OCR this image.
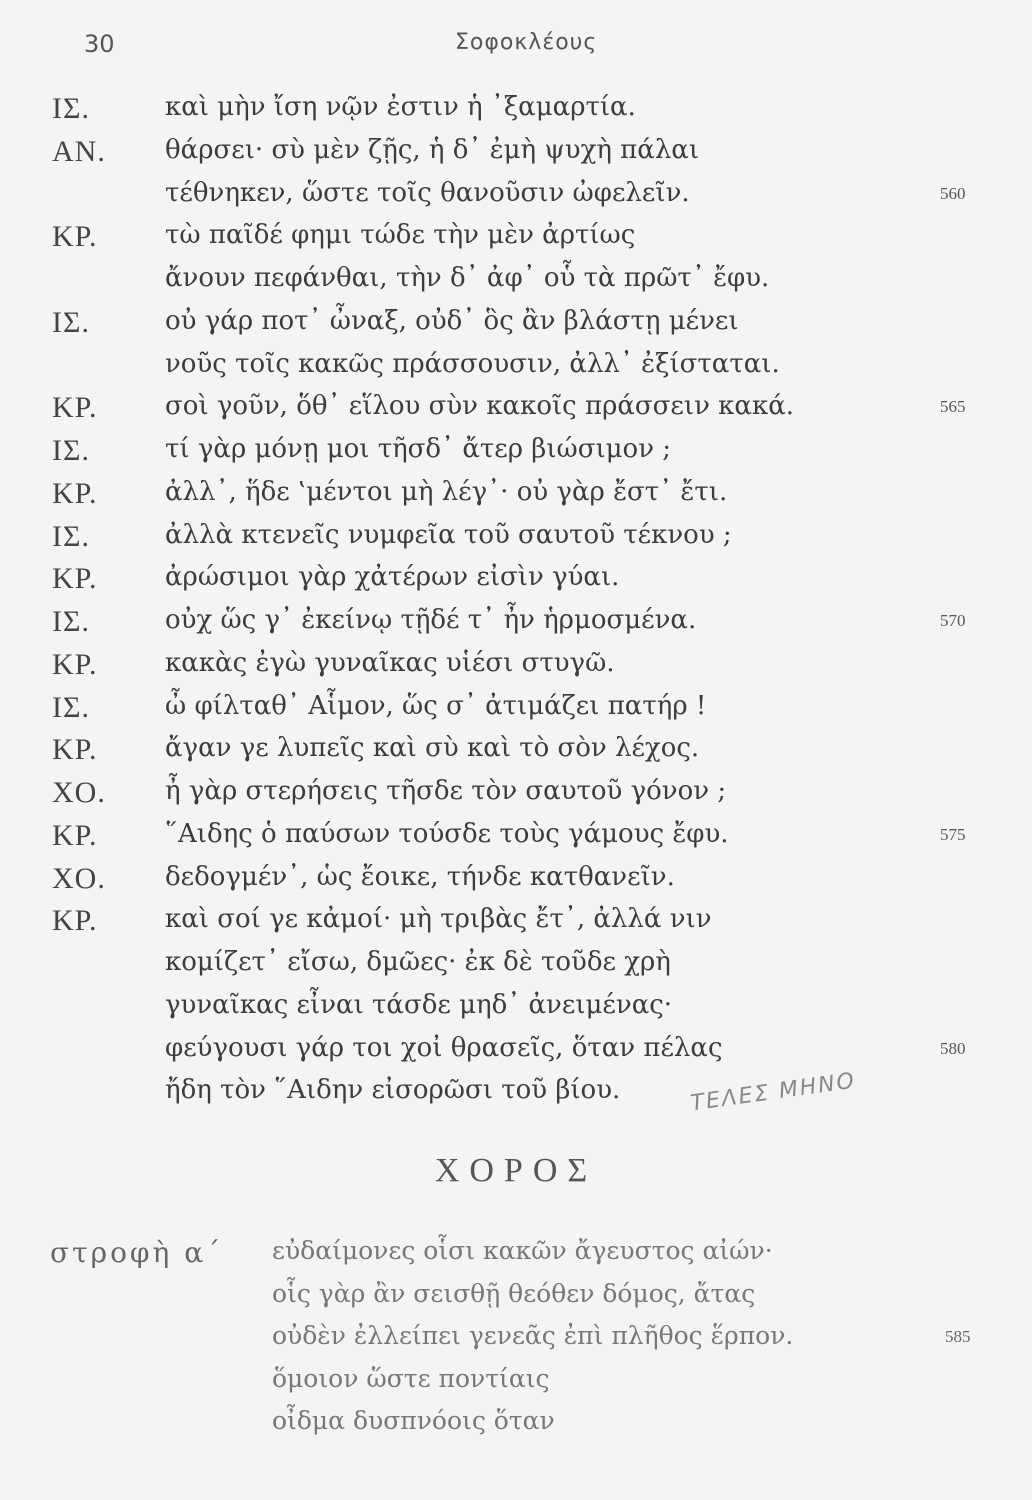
30	Σοφοκλέους
ΙΣ.	καὶ μὴν ἴση νῷν ἐστιν ἡ ᾽ξαμαρτία.
ΑΝ. θάρσει· σὺ μὲν ζῇς, ἡ δ᾽ ἐμὴ ψυχὴ πάλαι
τέθνηκεν, ὥστε τοῖς θανοῦσιν ὠφελεῖν.	560
ΚΡ.	τὼ παῖδέ φημι τώδε τὴν μὲν ἀρτίως
ἄνουν πεφάνθαι, τὴν δ᾽ ἀφ᾽ οὗ τὰ πρῶτ᾽ ἔφυ.
ΙΣ.	οὐ γάρ ποτ᾽ ὦναξ, οὐδ᾽ ὃς ἂν βλάστῃ μένει
νοῦς τοῖς κακῶς πράσσουσιν, ἀλλ᾽ ἐξίσταται.
ΚΡ.	σοὶ γοῦν, ὅθ᾽ εἵλου σὺν κακοῖς πράσσειν κακά.	565
ΙΣ.	τί γὰρ μόνῃ μοι τῆσδ᾽ ἄτερ βιώσιμον ;
ΚΡ.	ἀλλ᾽, ἥδε ‛μέντοι μὴ λέγ᾽· οὐ γὰρ ἔστ᾽ ἔτι.
ΙΣ.	ἀλλὰ κτενεῖς νυμφεῖα τοῦ σαυτοῦ τέκνου ;
ΚΡ.	ἀρώσιμοι γὰρ χἀτέρων εἰσὶν γύαι.
ΙΣ.	οὐχ ὥς γ᾽ ἐκείνῳ τῇδέ τ᾽ ἦν ἡρμοσμένα.	570
ΚΡ.	κακὰς ἐγὼ γυναῖκας υἱέσι στυγῶ.
ΙΣ.	ὦ φίλταθ᾽ Αἷμον, ὥς σ᾽ ἀτιμάζει πατήρ !
ΚΡ.	ἄγαν γε λυπεῖς καὶ σὺ καὶ τὸ σὸν λέχος.
ΧΟ. ἦ γὰρ στερήσεις τῆσδε τὸν σαυτοῦ γόνον ;
ΚΡ.	῞Αιδης ὁ παύσων τούσδε τοὺς γάμους ἔφυ.	575
ΧΟ. δεδογμέν᾽, ὡς ἔοικε, τήνδε κατθανεῖν.
ΚΡ.	καὶ σοί γε κἀμοί· μὴ τριβὰς ἔτ᾽, ἀλλά νιν
κομίζετ᾽ εἴσω, δμῶες· ἐκ δὲ τοῦδε χρὴ
γυναῖκας εἶναι τάσδε μηδ᾽ ἀνειμένας·
φεύγουσι γάρ τοι χοἰ θρασεῖς, ὅταν πέλας	580
ἤδη τὸν ῞Αιδην εἰσορῶσι τοῦ βίου.	ΤΕΛΕΣ ΜΗΝΟ
ΧΟΡΟΣ
στροφὴ α΄ εὐδαίμονες οἷσι κακῶν ἄγευστος αἰών·
οἷς γὰρ ἂν σεισθῇ θεόθεν δόμος, ἄτας
οὐδὲν ἐλλείπει γενεᾶς ἐπὶ πλῆθος ἕρπον.	585
ὅμοιον ὥστε ποντίαις
οἶδμα δυσπνόοις ὅταν
